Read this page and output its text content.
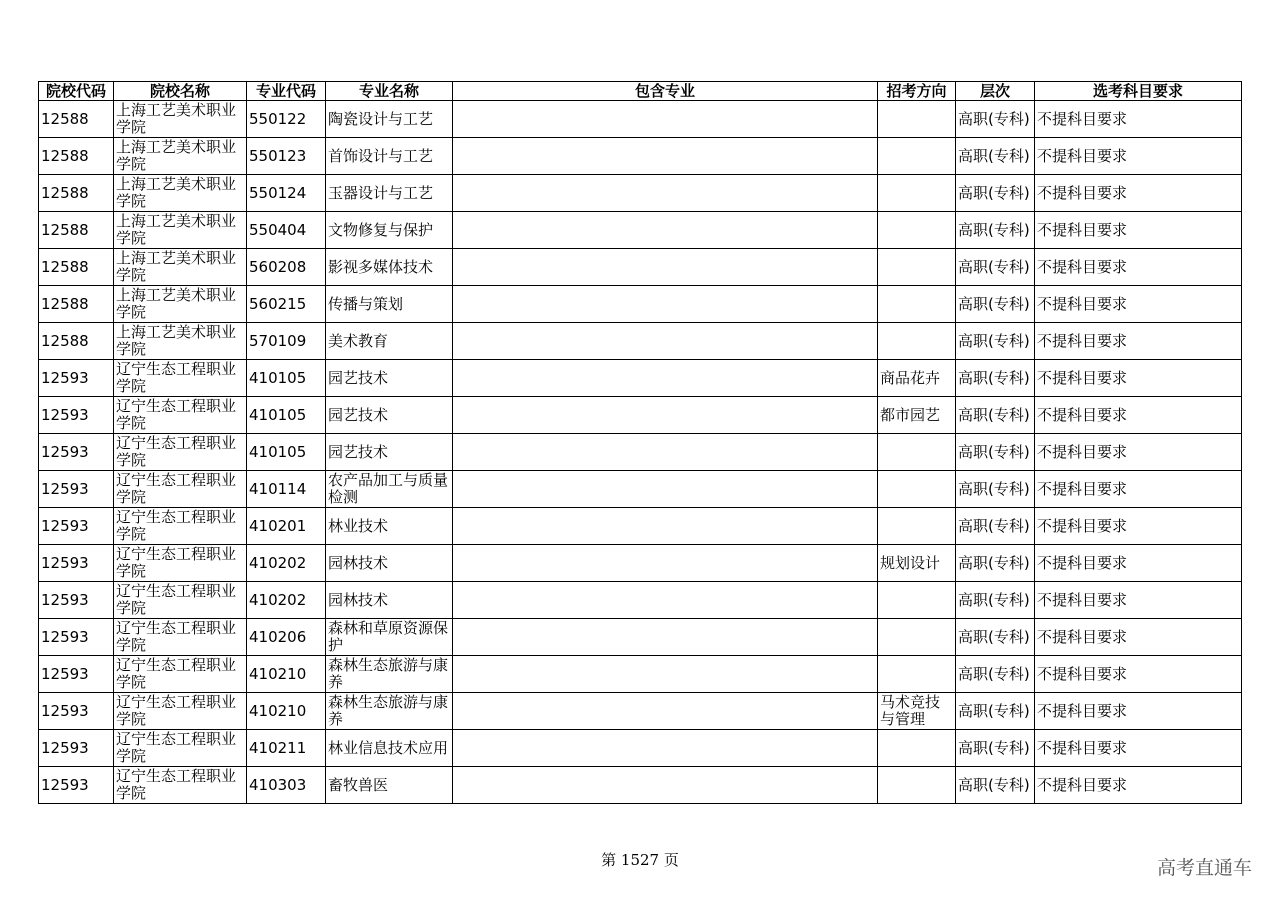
院校代码	院校名称	专业代码	专业名称	包含专业	招考方向	层次	选考科目要求

12588	上海工艺美术职业学院	550122	陶瓷设计与工艺			高职(专科)	不提科目要求

12588	上海工艺美术职业学院	550123	首饰设计与工艺			高职(专科)	不提科目要求

12588	上海工艺美术职业学院	550124	玉器设计与工艺			高职(专科)	不提科目要求

12588	上海工艺美术职业学院	550404	文物修复与保护			高职(专科)	不提科目要求

12588	上海工艺美术职业学院	560208	影视多媒体技术			高职(专科)	不提科目要求

12588	上海工艺美术职业学院	560215	传播与策划			高职(专科)	不提科目要求

12588	上海工艺美术职业学院	570109	美术教育			高职(专科)	不提科目要求

12593	辽宁生态工程职业学院	410105	园艺技术		商品花卉	高职(专科)	不提科目要求

12593	辽宁生态工程职业学院	410105	园艺技术		都市园艺	高职(专科)	不提科目要求

12593	辽宁生态工程职业学院	410105	园艺技术			高职(专科)	不提科目要求

12593	辽宁生态工程职业学院	410114	农产品加工与质量检测			高职(专科)	不提科目要求

12593	辽宁生态工程职业学院	410201	林业技术			高职(专科)	不提科目要求

12593	辽宁生态工程职业学院	410202	园林技术		规划设计	高职(专科)	不提科目要求

12593	辽宁生态工程职业学院	410202	园林技术			高职(专科)	不提科目要求

12593	辽宁生态工程职业学院	410206	森林和草原资源保护			高职(专科)	不提科目要求

12593	辽宁生态工程职业学院	410210	森林生态旅游与康养			高职(专科)	不提科目要求

12593	辽宁生态工程职业学院	410210	森林生态旅游与康养		马术竞技与管理	高职(专科)	不提科目要求

12593	辽宁生态工程职业学院	410211	林业信息技术应用			高职(专科)	不提科目要求

12593	辽宁生态工程职业学院	410303	畜牧兽医			高职(专科)	不提科目要求
第 1527 页	高考直通车
